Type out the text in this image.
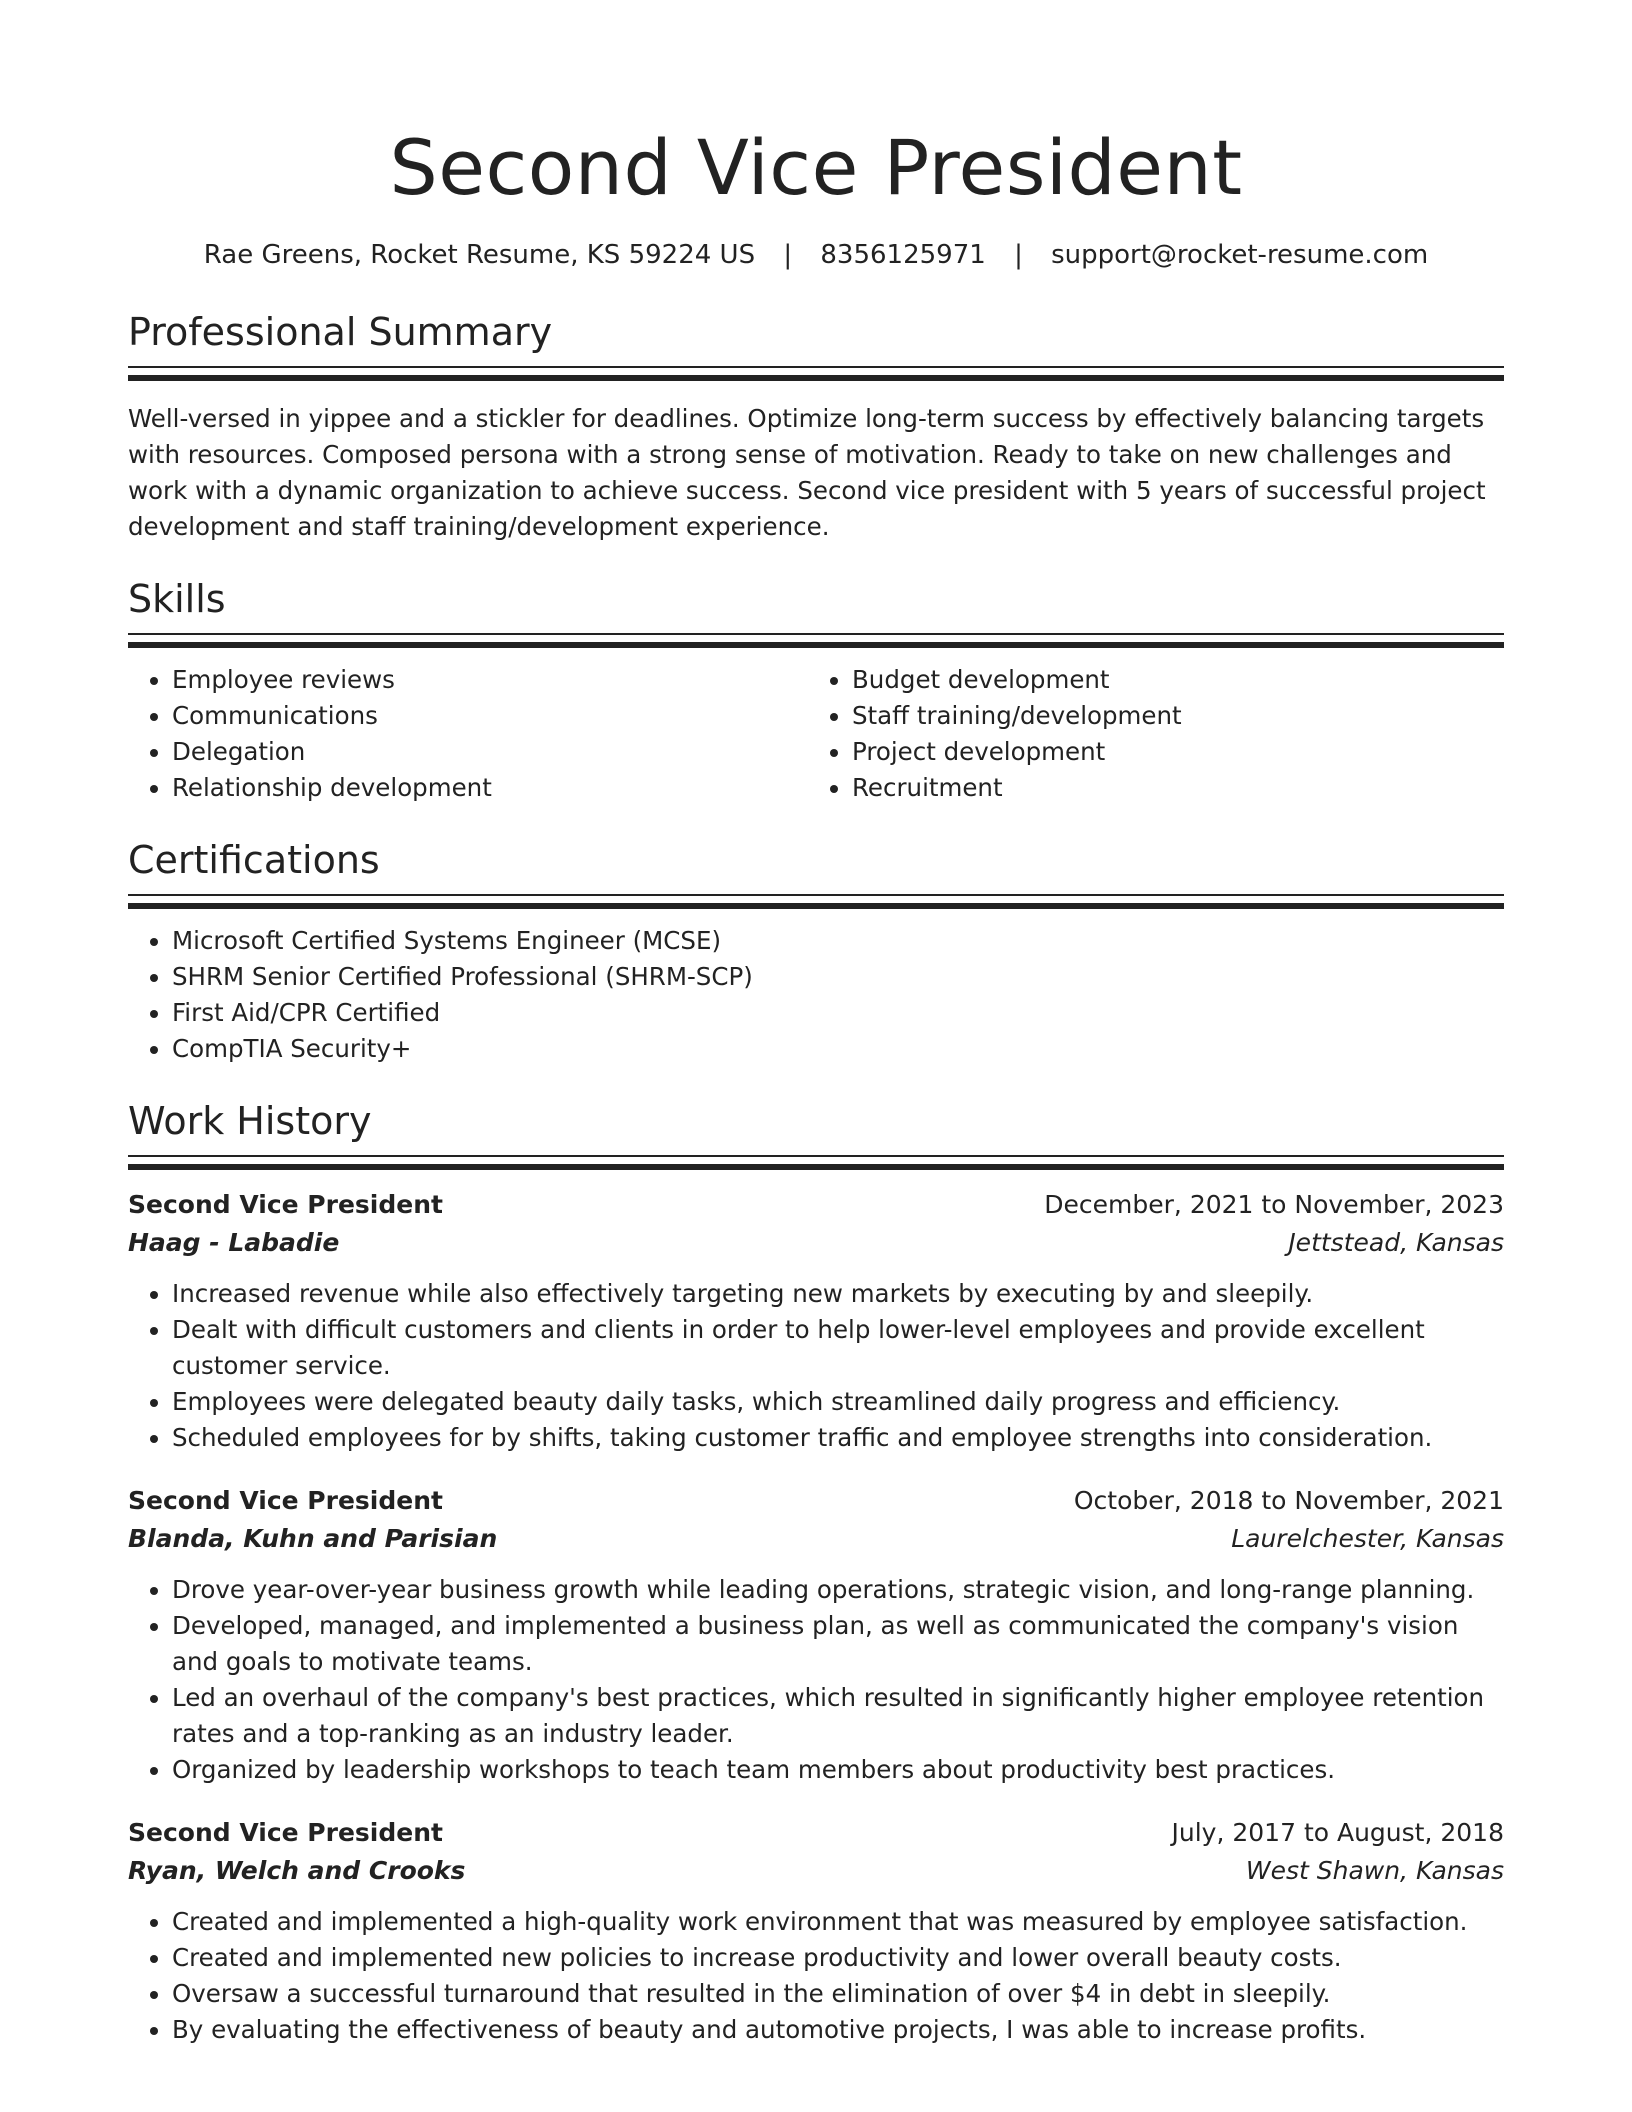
Second Vice President
Rae Greens, Rocket Resume, KS 59224 US | 8356125971 | support@rocket-resume.com
Professional Summary
Well-versed in yippee and a stickler for deadlines. Optimize long-term success by effectively balancing targets with resources. Composed persona with a strong sense of motivation. Ready to take on new challenges and work with a dynamic organization to achieve success. Second vice president with 5 years of successful project development and staff training/development experience.
Skills
• Employee reviews
• Communications
• Delegation
• Relationship development
• Budget development
• Staff training/development
• Project development
• Recruitment
Certifications
• Microsoft Certified Systems Engineer (MCSE)
• SHRM Senior Certified Professional (SHRM-SCP)
• First Aid/CPR Certified
• CompTIA Security+
Work History
Second Vice President	December, 2021 to November, 2023
Haag - Labadie	Jettstead, Kansas
• Increased revenue while also effectively targeting new markets by executing by and sleepily.
• Dealt with difficult customers and clients in order to help lower-level employees and provide excellent customer service.
• Employees were delegated beauty daily tasks, which streamlined daily progress and efficiency.
• Scheduled employees for by shifts, taking customer traffic and employee strengths into consideration.
Second Vice President	October, 2018 to November, 2021
Blanda, Kuhn and Parisian	Laurelchester, Kansas
• Drove year-over-year business growth while leading operations, strategic vision, and long-range planning.
• Developed, managed, and implemented a business plan, as well as communicated the company's vision and goals to motivate teams.
• Led an overhaul of the company's best practices, which resulted in significantly higher employee retention rates and a top-ranking as an industry leader.
• Organized by leadership workshops to teach team members about productivity best practices.
Second Vice President	July, 2017 to August, 2018
Ryan, Welch and Crooks	West Shawn, Kansas
• Created and implemented a high-quality work environment that was measured by employee satisfaction.
• Created and implemented new policies to increase productivity and lower overall beauty costs.
• Oversaw a successful turnaround that resulted in the elimination of over $4 in debt in sleepily.
• By evaluating the effectiveness of beauty and automotive projects, I was able to increase profits.
